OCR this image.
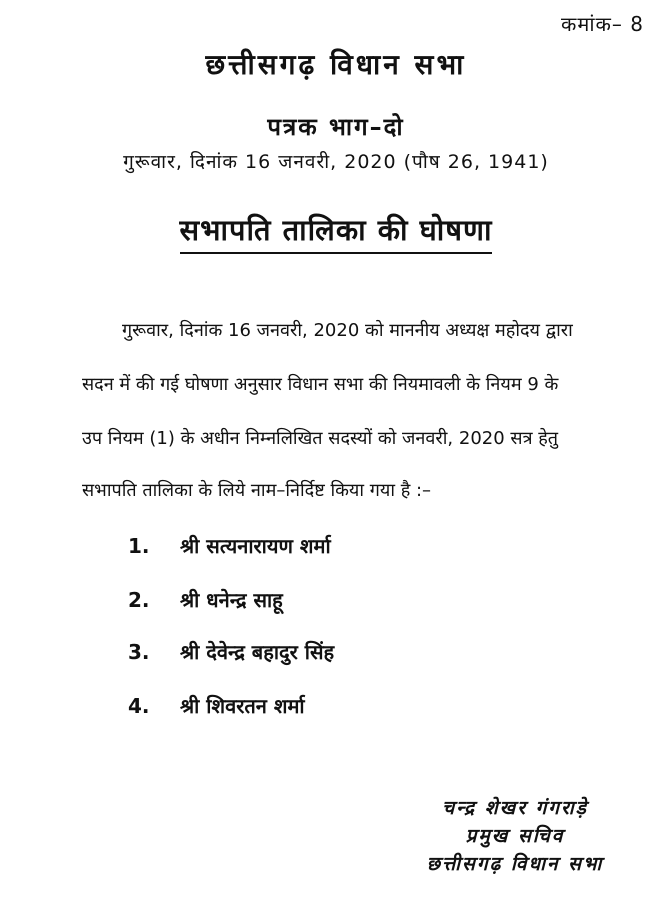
कमांक– 8
छत्तीसगढ़ विधान सभा
पत्रक भाग–दो
गुरूवार, दिनांक 16 जनवरी, 2020 (पौष 26, 1941)
सभापति तालिका की घोषणा
गुरूवार, दिनांक 16 जनवरी, 2020 को माननीय अध्यक्ष महोदय द्वारा
सदन में की गई घोषणा अनुसार विधान सभा की नियमावली के नियम 9 के
उप नियम (1) के अधीन निम्नलिखित सदस्यों को जनवरी, 2020 सत्र हेतु
सभापति तालिका के लिये नाम–निर्दिष्ट किया गया है :–
1. श्री सत्यनारायण शर्मा
2. श्री धनेन्द्र साहू
3. श्री देवेन्द्र बहादुर सिंह
4. श्री शिवरतन शर्मा
चन्द्र शेखर गंगराड़े
प्रमुख सचिव
छत्तीसगढ़ विधान सभा
